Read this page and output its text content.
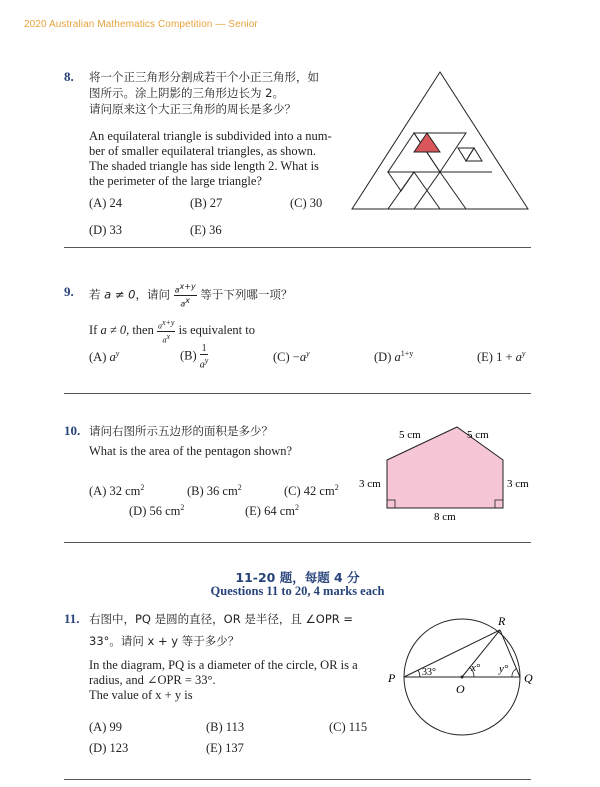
2020 Australian Mathematics Competition — Senior
8. 将一个正三角形分割成若干个小正三角形，如
图所示。涂上阴影的三角形边长为 2。
请问原来这个大正三角形的周长是多少？
An equilateral triangle is subdivided into a num-
ber of smaller equilateral triangles, as shown.
The shaded triangle has side length 2. What is
the perimeter of the large triangle?
(A) 24	(B) 27	(C) 30
(D) 33	(E) 36
9. 若 a ≠ 0，请问 $\frac{a^{x+y}}{a^x}$ 等于下列哪一项？
If a ≠ 0, then $\frac{a^{x+y}}{a^x}$ is equivalent to
(A) $a^y$	$(B) \frac{1}{a^y}$	$(C) -a^y$	(D) $a^{1+y}$	(E) $1 + a^y$
10. 请问右图所示五边形的面积是多少？
What is the area of the pentagon shown?
(A) 32 $cm^2$	(B) 36 $cm^2$	(C) 42 $cm^2$
(D) 56 $cm^2$	(E) 64 $cm^2$
5 cm	5 cm
3 cm	3 cm
8 cm
11-20 题，每题 4 分
Questions 11 to 20, 4 marks each
11. 右图中，PQ 是圆的直径，OR 是半径，且 ∠OPR =
33°。请问 x + y 等于多少？
In the diagram, PQ is a diameter of the circle, OR is a
radius, and ∠OPR = 33°.
The value of x + y is
(A) 99	(B) 113	(C) 115
(D) 123	(E) 137
P	Q
O
R
33°	x° y°
